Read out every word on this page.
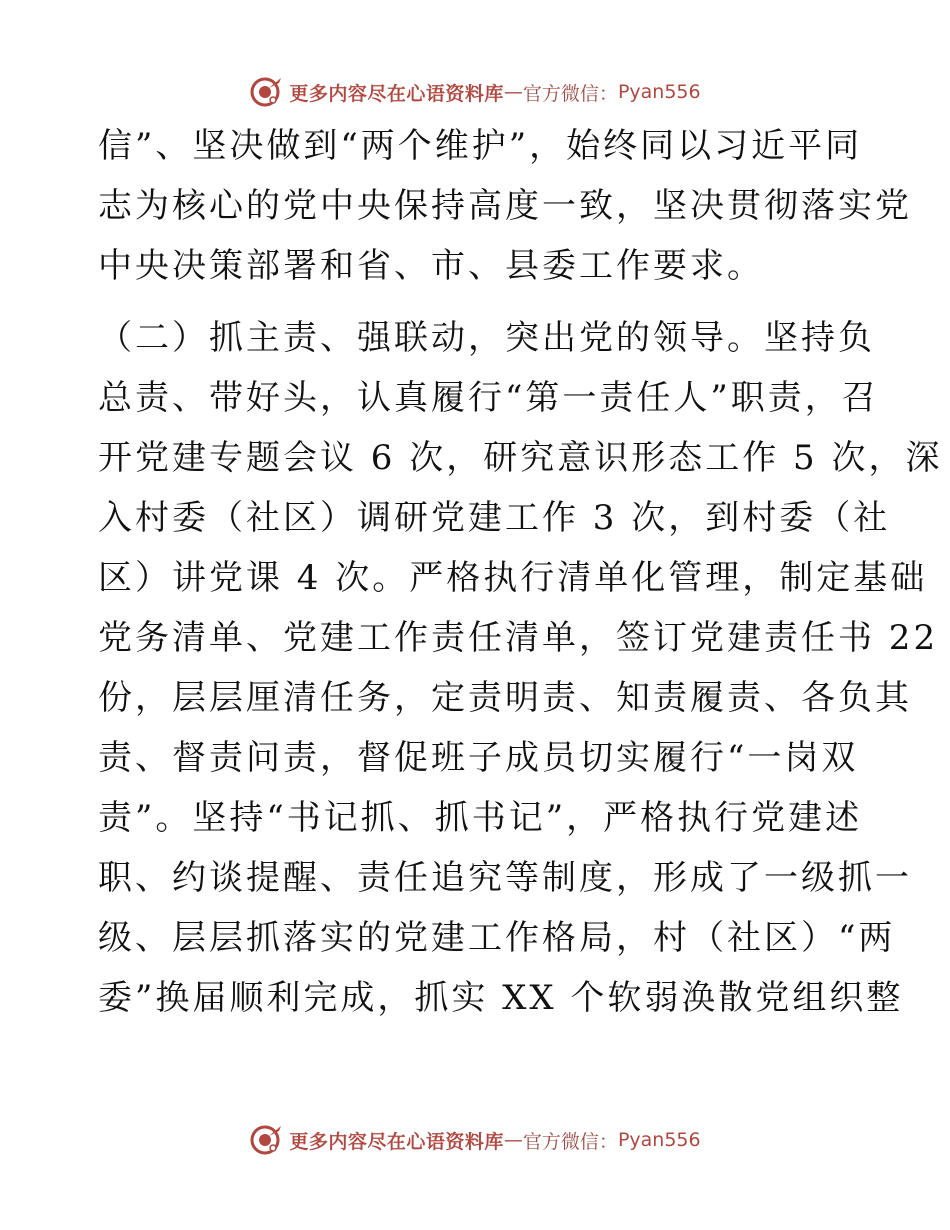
更多内容尽在心语资料库 — 官方微信： Pyan556
信”、坚决做到“两个维护”，始终同以习近平同
志为核心的党中央保持高度一致，坚决贯彻落实党
中央决策部署和省、市、县委工作要求。
（二）抓主责、强联动，突出党的领导。坚持负
总责、带好头，认真履行“第一责任人”职责，召
开党建专题会议 6 次，研究意识形态工作 5 次，深
入村委（社区）调研党建工作 3 次，到村委（社
区）讲党课 4 次。严格执行清单化管理，制定基础
党务清单、党建工作责任清单，签订党建责任书 22
份，层层厘清任务，定责明责、知责履责、各负其
责、督责问责，督促班子成员切实履行“一岗双
责”。坚持“书记抓、抓书记”，严格执行党建述
职、约谈提醒、责任追究等制度，形成了一级抓一
级、层层抓落实的党建工作格局，村（社区）“两
委”换届顺利完成，抓实 XX 个软弱涣散党组织整
更多内容尽在心语资料库 — 官方微信： Pyan556
